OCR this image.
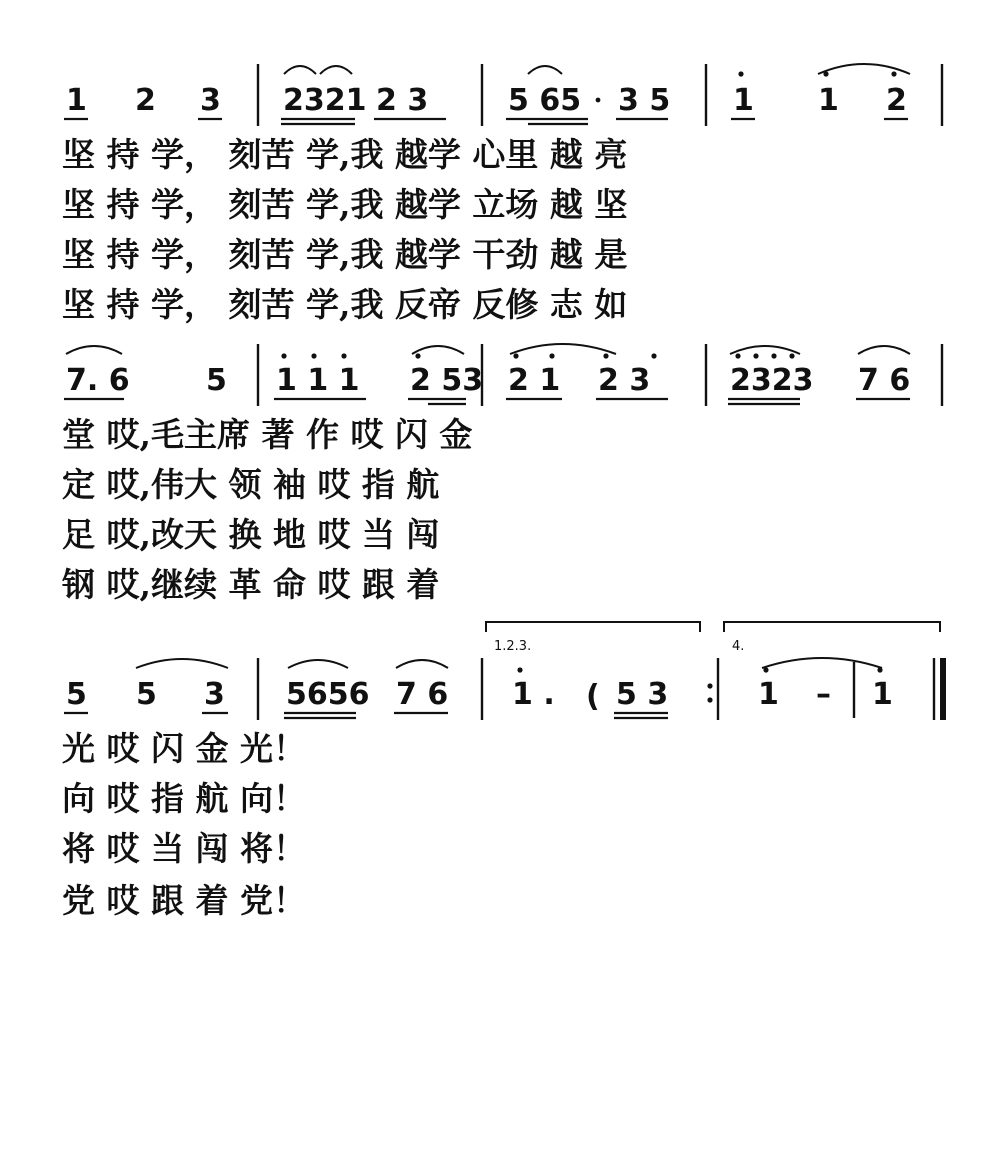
1 2 3 2321 2 3	5 65 3 5 1 1 2
坚 持 学， 刻苦 学,我 越学 心里 越 亮
坚 持 学， 刻苦 学,我 越学 立场 越 坚
坚 持 学， 刻苦 学,我 越学 干劲 越 是
坚 持 学， 刻苦 学,我 反帝 反修 志 如
7. 6	5 1 1 1 2 53 2 1 2 3	2323 7 6
堂 哎,毛主席 著 作 哎 闪 金
定 哎,伟大 领 袖 哎 指 航
足 哎,改天 换 地 哎 当 闯
钢 哎,继续 革 命 哎 跟 着
1.2.3.	4.
5 5 3 5656 7 6 1 . ( 5 3	1 – 1
光 哎 闪 金 光！
向 哎 指 航 向！
将 哎 当 闯 将！
党 哎 跟 着 党！
